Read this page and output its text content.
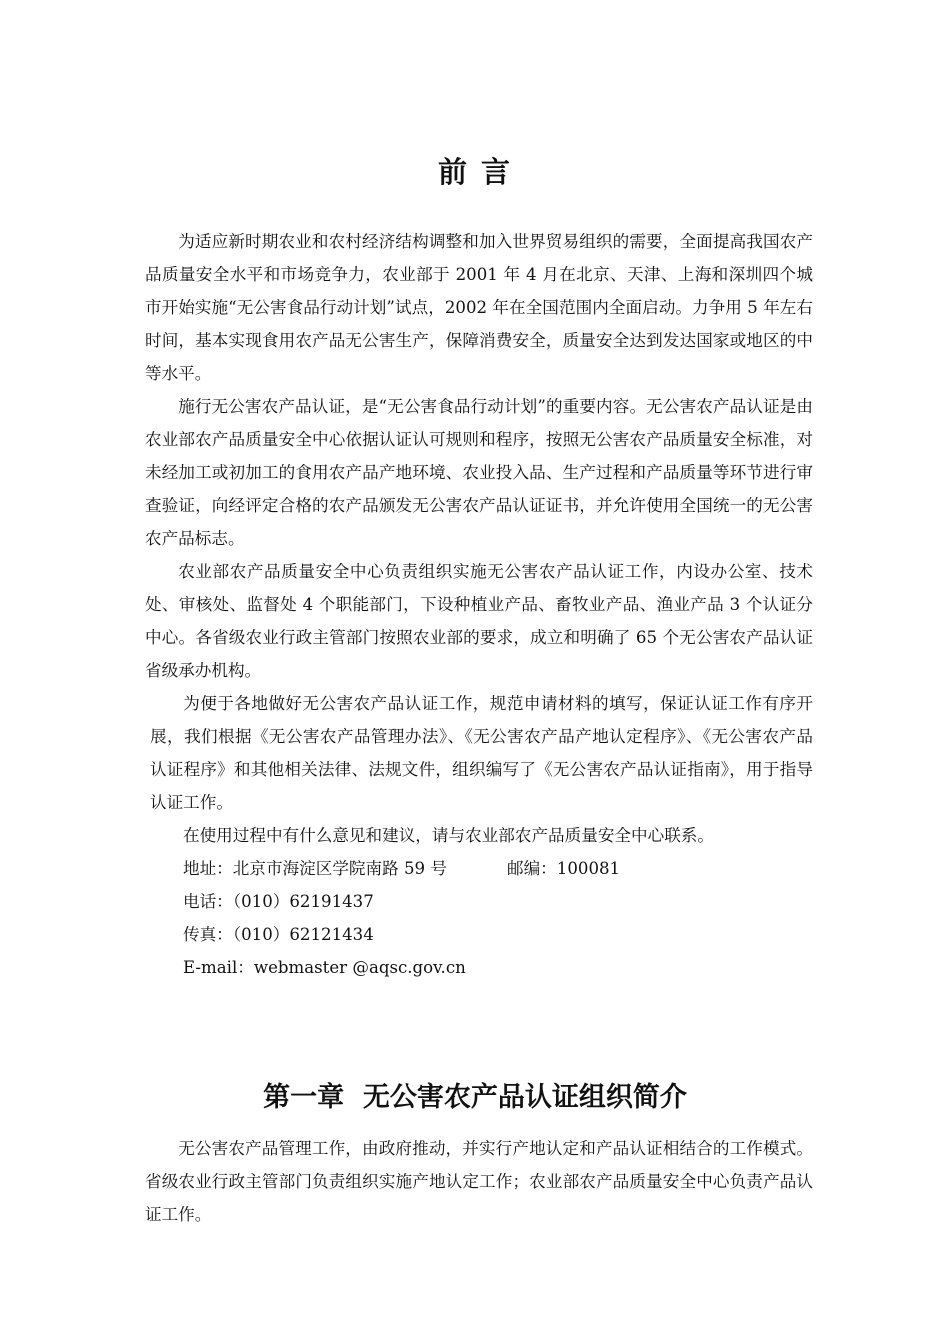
前 言

为适应新时期农业和农村经济结构调整和加入世界贸易组织的需要，全面提高我国农产品质量安全水平和市场竞争力，农业部于 2001 年 4 月在北京、天津、上海和深圳四个城市开始实施“无公害食品行动计划”试点，2002 年在全国范围内全面启动。力争用 5 年左右时间，基本实现食用农产品无公害生产，保障消费安全，质量安全达到发达国家或地区的中等水平。

施行无公害农产品认证，是“无公害食品行动计划”的重要内容。无公害农产品认证是由农业部农产品质量安全中心依据认证认可规则和程序，按照无公害农产品质量安全标准，对未经加工或初加工的食用农产品产地环境、农业投入品、生产过程和产品质量等环节进行审查验证，向经评定合格的农产品颁发无公害农产品认证证书，并允许使用全国统一的无公害农产品标志。

农业部农产品质量安全中心负责组织实施无公害农产品认证工作，内设办公室、技术处、审核处、监督处 4 个职能部门，下设种植业产品、畜牧业产品、渔业产品 3 个认证分中心。各省级农业行政主管部门按照农业部的要求，成立和明确了 65 个无公害农产品认证省级承办机构。

为便于各地做好无公害农产品认证工作，规范申请材料的填写，保证认证工作有序开展，我们根据《无公害农产品管理办法》、《无公害农产品产地认定程序》、《无公害农产品认证程序》和其他相关法律、法规文件，组织编写了《无公害农产品认证指南》，用于指导认证工作。

在使用过程中有什么意见和建议，请与农业部农产品质量安全中心联系。

地址：北京市海淀区学院南路 59 号	邮编：100081

电话：（010）62191437

传真：（010）62121434

E-mail：webmaster @aqsc.gov.cn

第一章  无公害农产品认证组织简介

无公害农产品管理工作，由政府推动，并实行产地认定和产品认证相结合的工作模式。省级农业行政主管部门负责组织实施产地认定工作；农业部农产品质量安全中心负责产品认证工作。
